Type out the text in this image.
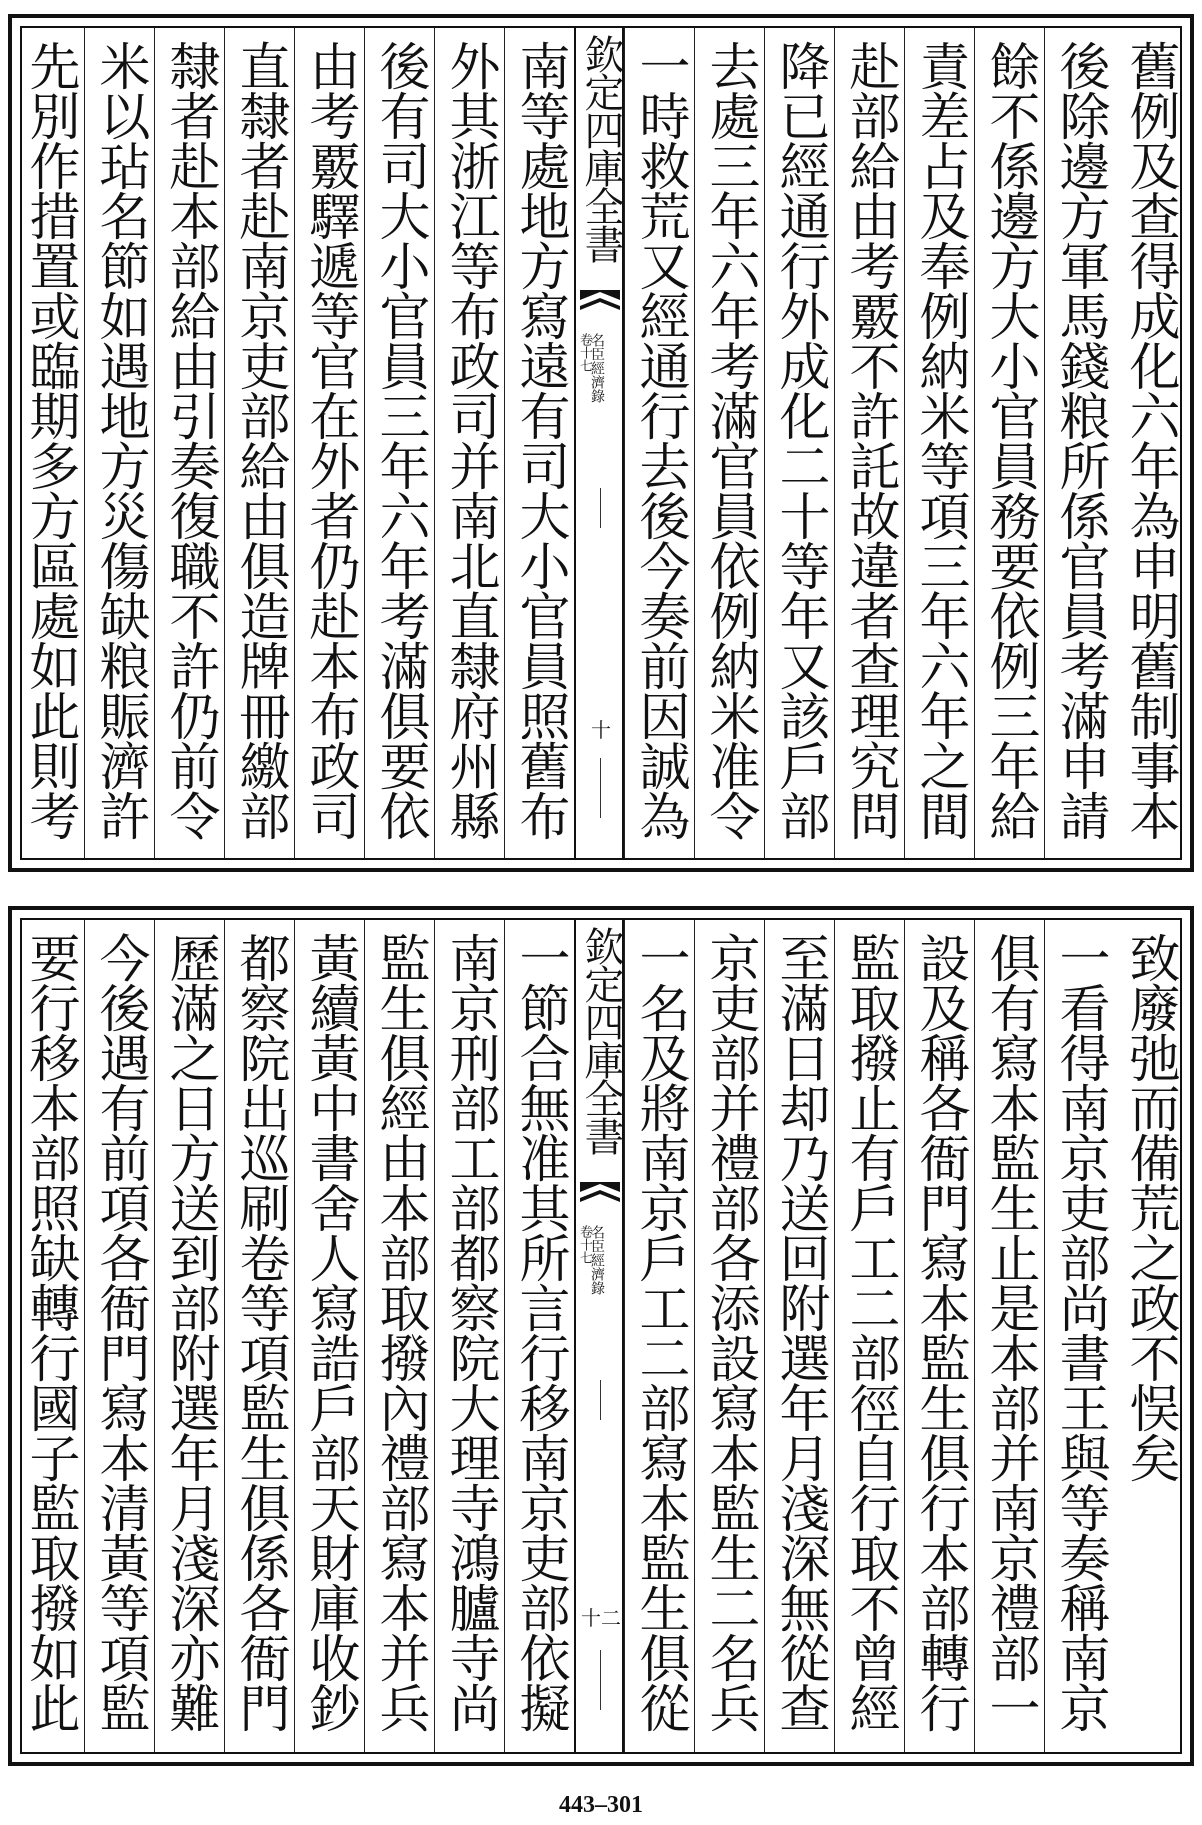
舊例及查得成化六年為申明舊制事本
後除邊方軍馬錢粮所係官員考滿申請
餘不係邊方大小官員務要依例三年給
責差占及奉例納米等項三年六年之間
赴部給由考覈不許託故違者查理究問
降已經通行外成化二十等年又該戶部
去處三年六年考滿官員依例納米准令
一時救荒又經通行去後今奏前因誠為
欽定四庫全書
名臣經濟錄
卷十七
十
南等處地方寫遠有司大小官員照舊布
外其浙江等布政司并南北直隸府州縣
後有司大小官員三年六年考滿俱要依
由考覈驛遞等官在外者仍赴本布政司
直隸者赴南京吏部給由俱造牌冊繳部
隸者赴本部給由引奏復職不許仍前令
米以玷名節如遇地方災傷缺粮賑濟許
先別作措置或臨期多方區處如此則考
致廢弛而備荒之政不悮矣
一看得南京吏部尚書王與等奏稱南京
俱有寫本監生止是本部并南京禮部一
設及稱各衙門寫本監生俱行本部轉行
監取撥止有戶工二部徑自行取不曾經
至滿日却乃送回附選年月淺深無從查
京吏部并禮部各添設寫本監生二名兵
一名及將南京戶工二部寫本監生俱從
欽定四庫全書
名臣經濟錄
卷十七
十二
一節合無准其所言行移南京吏部依擬
南京刑部工部都察院大理寺鴻臚寺尚
監生俱經由本部取撥內禮部寫本并兵
黃續黃中書舍人寫誥戶部天財庫收鈔
都察院出巡刷卷等項監生俱係各衙門
歷滿之日方送到部附選年月淺深亦難
今後遇有前項各衙門寫本清黃等項監
要行移本部照缺轉行國子監取撥如此
443–301
